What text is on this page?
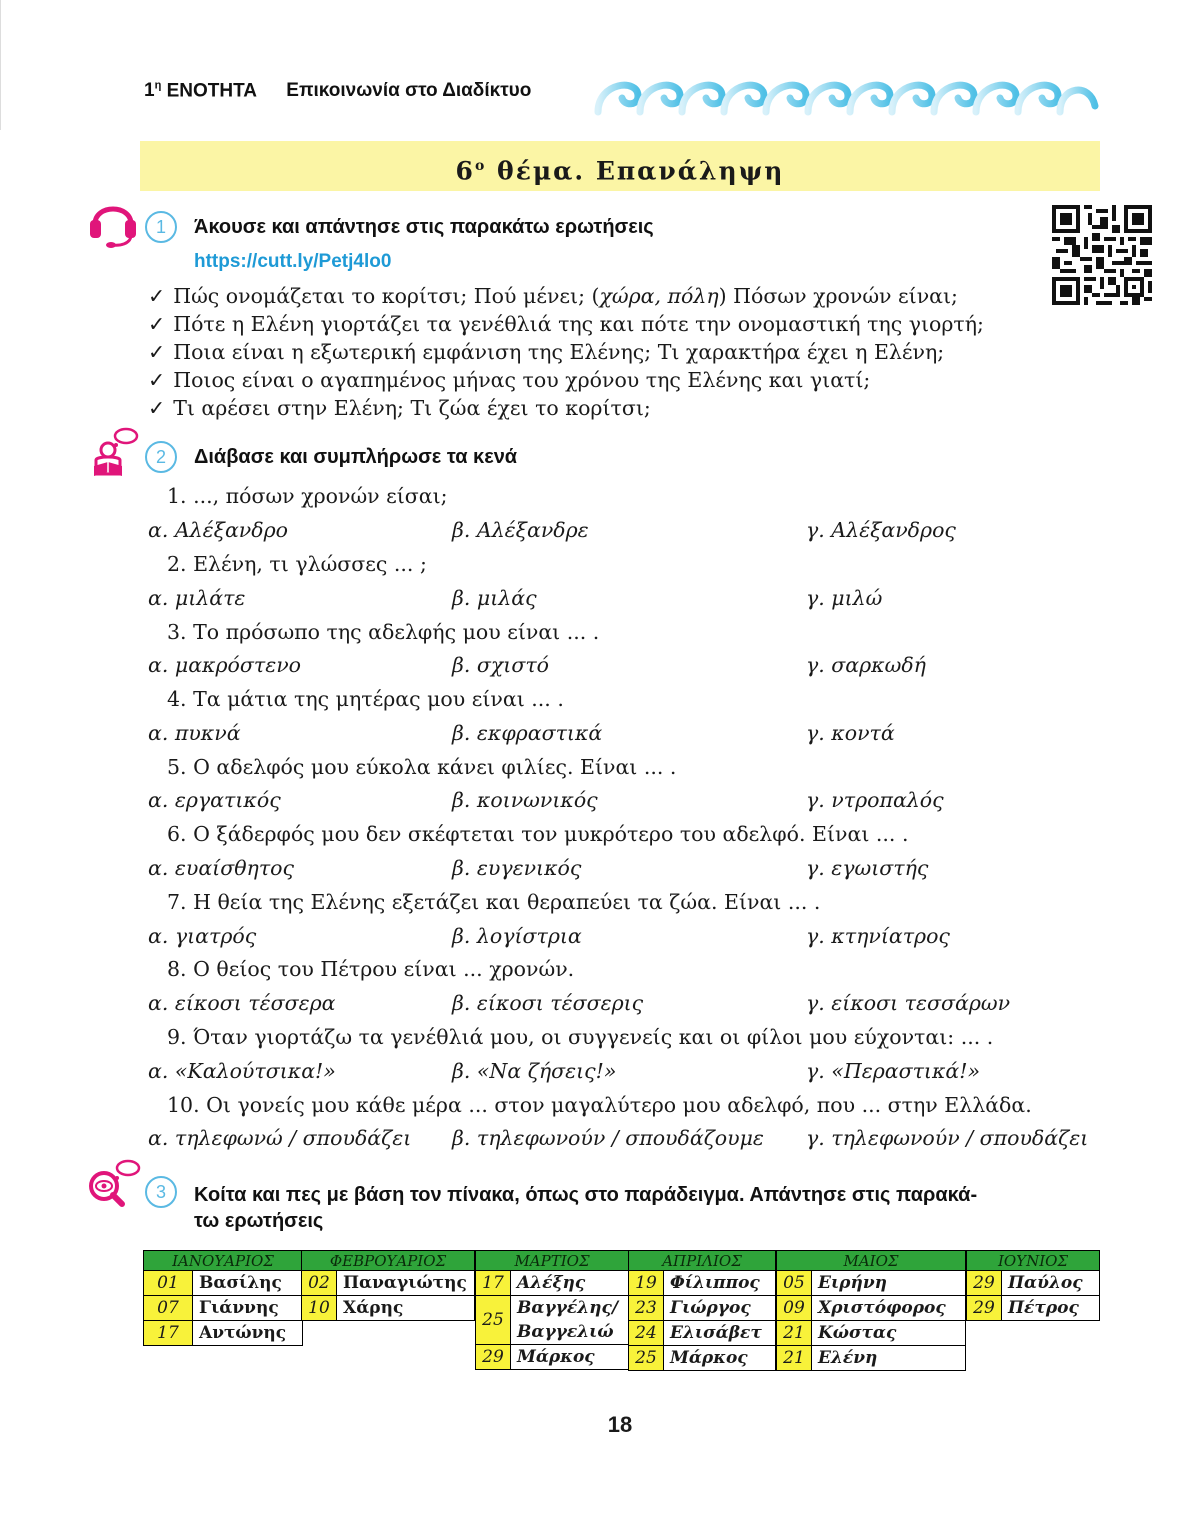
$1^\eta$ ΕΝΟΤΗΤΑ Επικοινωνία στο Διαδίκτυο
$6^o$ θέμα. Επανάληψη
1	Άκουσε και απάντησε στις παρακάτω ερωτήσεις
https://cutt.ly/Petj4lo0
✓ Πώς ονομάζεται το κορίτσι; Πού μένει; (χώρα, πόλη) Πόσων χρονών είναι;
✓ Πότε η Ελένη γιορτάζει τα γενέθλιά της και πότε την ονομαστική της γιορτή;
✓ Ποια είναι η εξωτερική εμφάνιση της Ελένης; Τι χαρακτήρα έχει η Ελένη;
✓ Ποιος είναι ο αγαπημένος μήνας του χρόνου της Ελένης και γιατί;
✓ Τι αρέσει στην Ελένη; Τι ζώα έχει το κορίτσι;
2	Διάβασε και συμπλήρωσε τα κενά
1. ..., πόσων χρονών είσαι;
α. Αλέξανδρο	β. Αλέξανδρε	γ. Αλέξανδρος
2. Ελένη, τι γλώσσες ... ;
α. μιλάτε	β. μιλάς	γ. μιλώ
3. Το πρόσωπο της αδελφής μου είναι ... .
α. μακρόστενο	β. σχιστό	γ. σαρκωδή
4. Τα μάτια της μητέρας μου είναι ... .
α. πυκνά	β. εκφραστικά	γ. κοντά
5. Ο αδελφός μου εύκολα κάνει φιλίες. Είναι ... .
α. εργατικός	β. κοινωνικός	γ. ντροπαλός
6. Ο ξάδερφός μου δεν σκέφτεται τον μυκρότερο του αδελφό. Είναι ... .
α. ευαίσθητος	β. ευγενικός	γ. εγωιστής
7. Η θεία της Ελένης εξετάζει και θεραπεύει τα ζώα. Είναι ... .
α. γιατρός	β. λογίστρια	γ. κτηνίατρος
8. Ο θείος του Πέτρου είναι ... χρονών.
α. είκοσι τέσσερα	β. είκοσι τέσσερις	γ. είκοσι τεσσάρων
9. Όταν γιορτάζω τα γενέθλιά μου, οι συγγενείς και οι φίλοι μου εύχονται: ... .
α. «Καλούτσικα!»	β. «Να ζήσεις!»	γ. «Περαστικά!»
10. Οι γονείς μου κάθε μέρα ... στον μαγαλύτερο μου αδελφό, που ... στην Ελλάδα.
α. τηλεφωνώ / σπουδάζει β. τηλεφωνούν / σπουδάζουμε γ. τηλεφωνούν / σπουδάζει
3	Κοίτα και πες με βάση τον πίνακα, όπως στο παράδειγμα. Απάντησε στις παρακά-
τω ερωτήσεις
ΙΑΝΟΥΑΡΙΟΣ	
01	Βασίλης
07	Γιάννης
17	Αντώνης
ΦΕΒΡΟΥΑΡΙΟΣ	
02	Παναγιώτης
10	Χάρης
ΜΑΡΤΙΟΣ	
17	Αλέξης
25	Βαγγέλης/
	Βαγγελιώ
29	Μάρκος
ΑΠΡΙΛΙΟΣ	
19	Φίλιππος
23	Γιώργος
24	Ελισάβετ
25	Μάρκος
ΜΑΙΟΣ	
05	Ειρήνη
09	Χριστόφορος
21	Κώστας
21	Ελένη
ΙΟΥΝΙΟΣ	
29	Παύλος
29	Πέτρος
18
